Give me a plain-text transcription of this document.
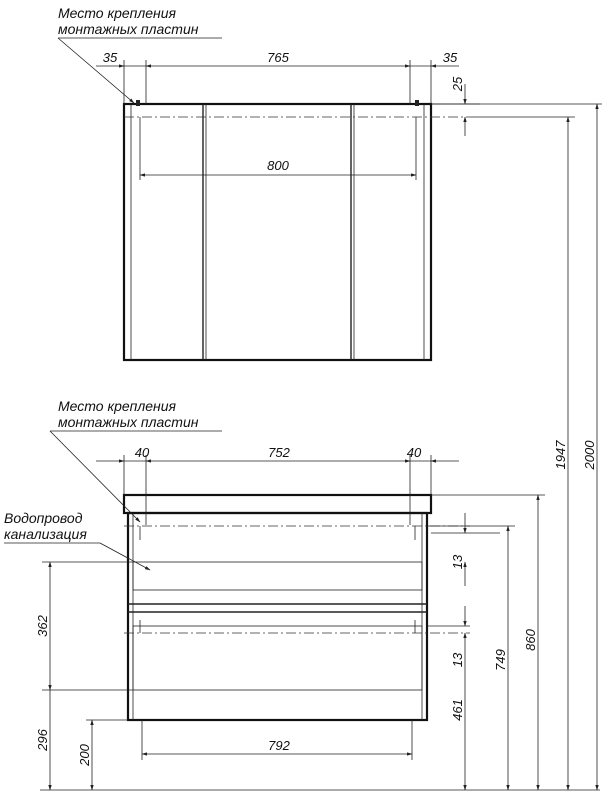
35	765	35
800
25
Место крепления
монтажных пластин
40	752	40
792
Место крепления
монтажных пластин
Водопровод
канализация
362
296
200
13
13
461
749
860
1947 2000
